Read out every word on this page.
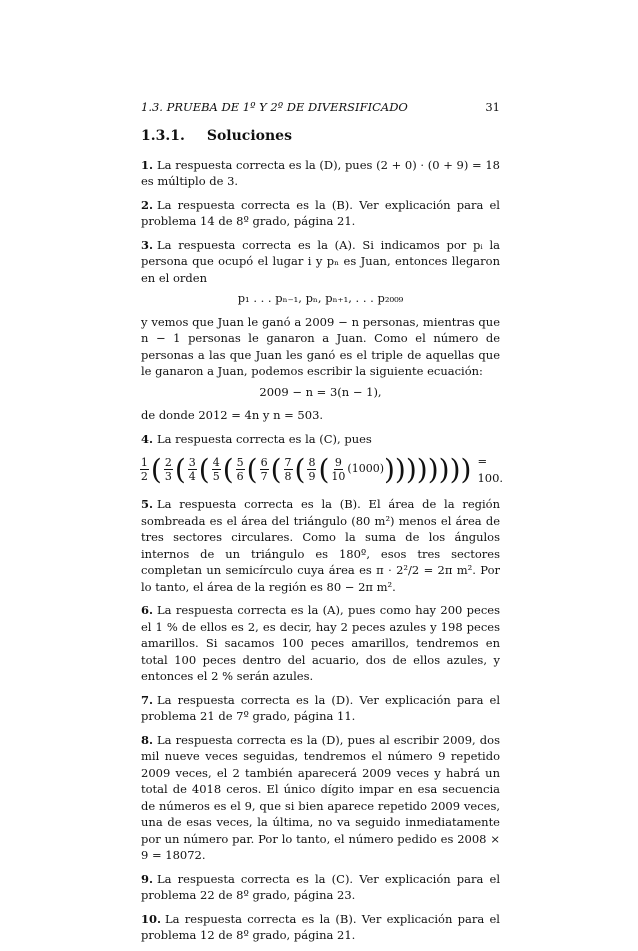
1.3. PRUEBA DE 1º Y 2º DE DIVERSIFICADO	31
1.3.1. Soluciones

1. La respuesta correcta es la (D), pues (2 + 0) · (0 + 9) = 18 es múltiplo de 3.

2. La respuesta correcta es la (B). Ver explicación para el problema 14 de 8º grado, página 21.

3. La respuesta correcta es la (A). Si indicamos por pᵢ la persona que ocupó el lugar i y pₙ es Juan, entonces llegaron en el orden

p₁ . . . pₙ₋₁, pₙ, pₙ₊₁, . . . p₂₀₀₉

y vemos que Juan le ganó a 2009 − n personas, mientras que n − 1 personas le ganaron a Juan. Como el número de personas a las que Juan les ganó es el triple de aquellas que le ganaron a Juan, podemos escribir la siguiente ecuación:

2009 − n = 3(n − 1),

de donde 2012 = 4n y n = 503.

4. La respuesta correcta es la (C), pues

$\frac{1}{2}$ ( $\frac{2}{3}$ ( $\frac{3}{4}$ ( $\frac{4}{5}$ ( $\frac{5}{6}$ ( $\frac{6}{7}$ ( $\frac{7}{8}$ ( $\frac{8}{9}$ ( $\frac{9}{10} (1000)$ ) ) ) ) ) ) ) ) = 100.

5. La respuesta correcta es la (B). El área de la región sombreada es el área del triángulo (80 m²) menos el área de tres sectores circulares. Como la suma de los ángulos internos de un triángulo es 180º, esos tres sectores completan un semicírculo cuya área es π · 2²/2 = 2π m². Por lo tanto, el área de la región es 80 − 2π m².

6. La respuesta correcta es la (A), pues como hay 200 peces el 1 % de ellos es 2, es decir, hay 2 peces azules y 198 peces amarillos. Si sacamos 100 peces amarillos, tendremos en total 100 peces dentro del acuario, dos de ellos azules, y entonces el 2 % serán azules.

7. La respuesta correcta es la (D). Ver explicación para el problema 21 de 7º grado, página 11.

8. La respuesta correcta es la (D), pues al escribir 2009, dos mil nueve veces seguidas, tendremos el número 9 repetido 2009 veces, el 2 también aparecerá 2009 veces y habrá un total de 4018 ceros. El único dígito impar en esa secuencia de números es el 9, que si bien aparece repetido 2009 veces, una de esas veces, la última, no va seguido inmediatamente por un número par. Por lo tanto, el número pedido es 2008 × 9 = 18072.

9. La respuesta correcta es la (C). Ver explicación para el problema 22 de 8º grado, página 23.

10. La respuesta correcta es la (B). Ver explicación para el problema 12 de 8º grado, página 21.
